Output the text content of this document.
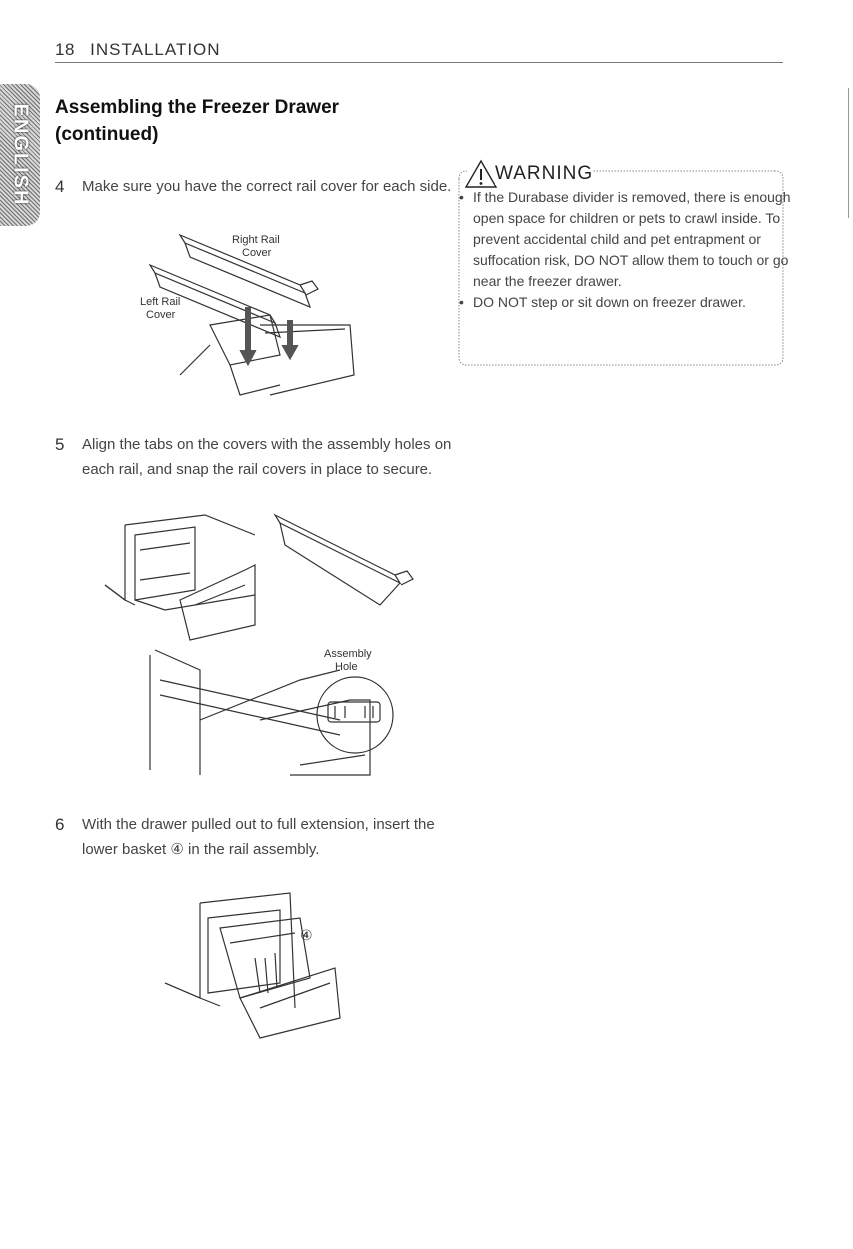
18 INSTALLATION
ENGLISH Assembling the Freezer Drawer (continued)
4 Make sure you have the correct rail cover for each side.
Right Rail
Cover
Left Rail
Cover
5 Align the tabs on the covers with the assembly holes on each rail, and snap the rail covers in place to secure.
Assembly
Hole
6 With the drawer pulled out to full extension, insert the lower basket ④ in the rail assembly.
④
WARNING
• If the Durabase divider is removed, there is enough open space for children or pets to crawl inside. To prevent accidental child and pet entrapment or suffocation risk, DO NOT allow them to touch or go near the freezer drawer.
• DO NOT step or sit down on freezer drawer.
